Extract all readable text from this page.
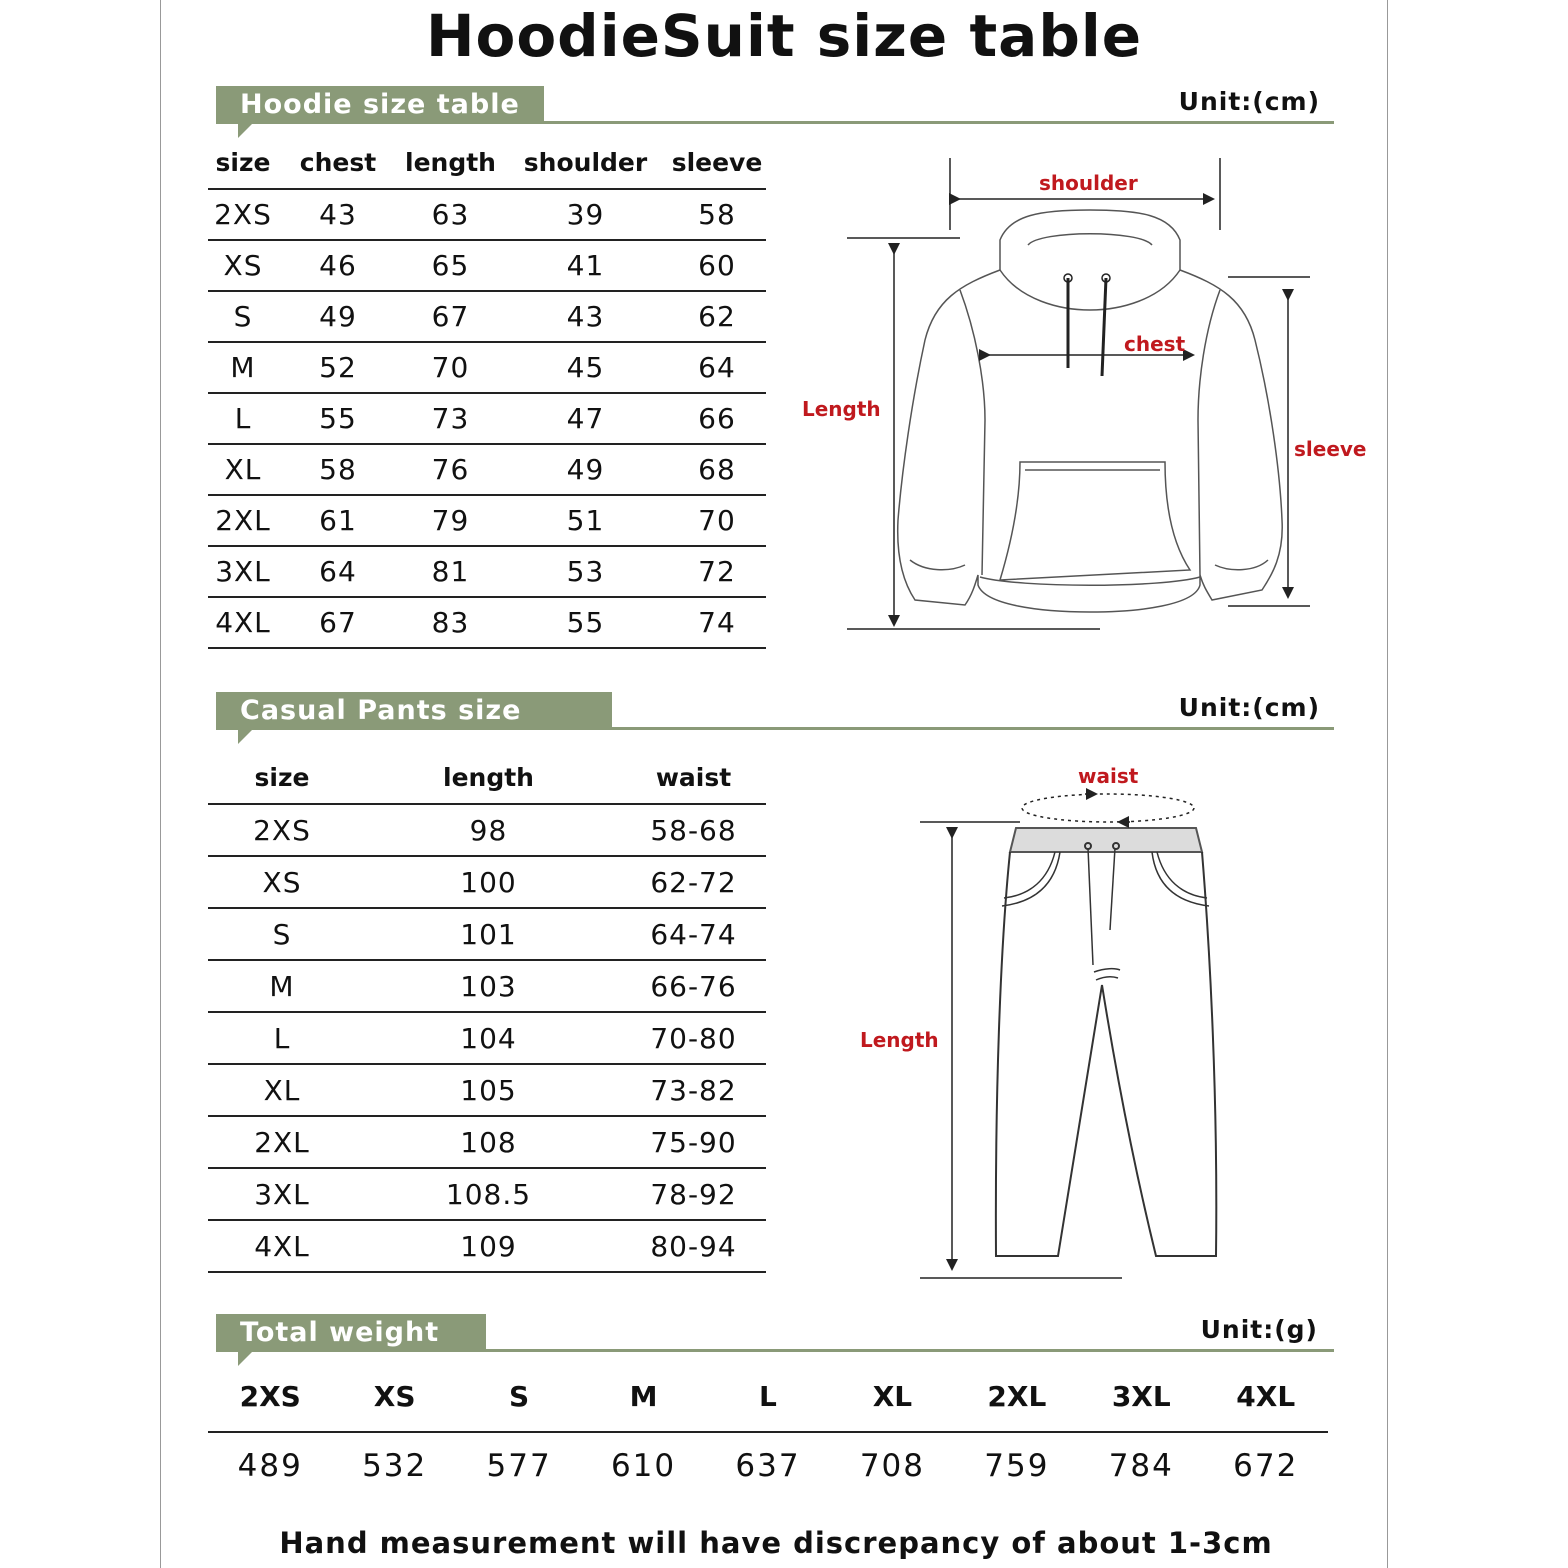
HoodieSuit size table
Hoodie size table	Unit:(cm)
size	chest	length	shoulder	sleeve
2XS	43	63	39	58
XS	46	65	41	60
S	49	67	43	62
M	52	70	45	64
L	55	73	47	66
XL	58	76	49	68
2XL	61	79	51	70
3XL	64	81	53	72
4XL	67	83	55	74
Casual Pants size table
Unit:(cm)
size	length	waist
2XS	98	58-68
XS	100	62-72
S	101	64-74
M	103	66-76
L	104	70-80
XL	105	73-82
2XL	108	75-90
3XL	108.5	78-92
4XL	109	80-94
Total weight	Unit:(g)
2XS	XS	S	M	L	XL	2XL	3XL	4XL
489	532	577	610	637	708	759	784	672
Hand measurement will have discrepancy of about 1-3cm
shoulder
chest
Length
sleeve
waist
Length
